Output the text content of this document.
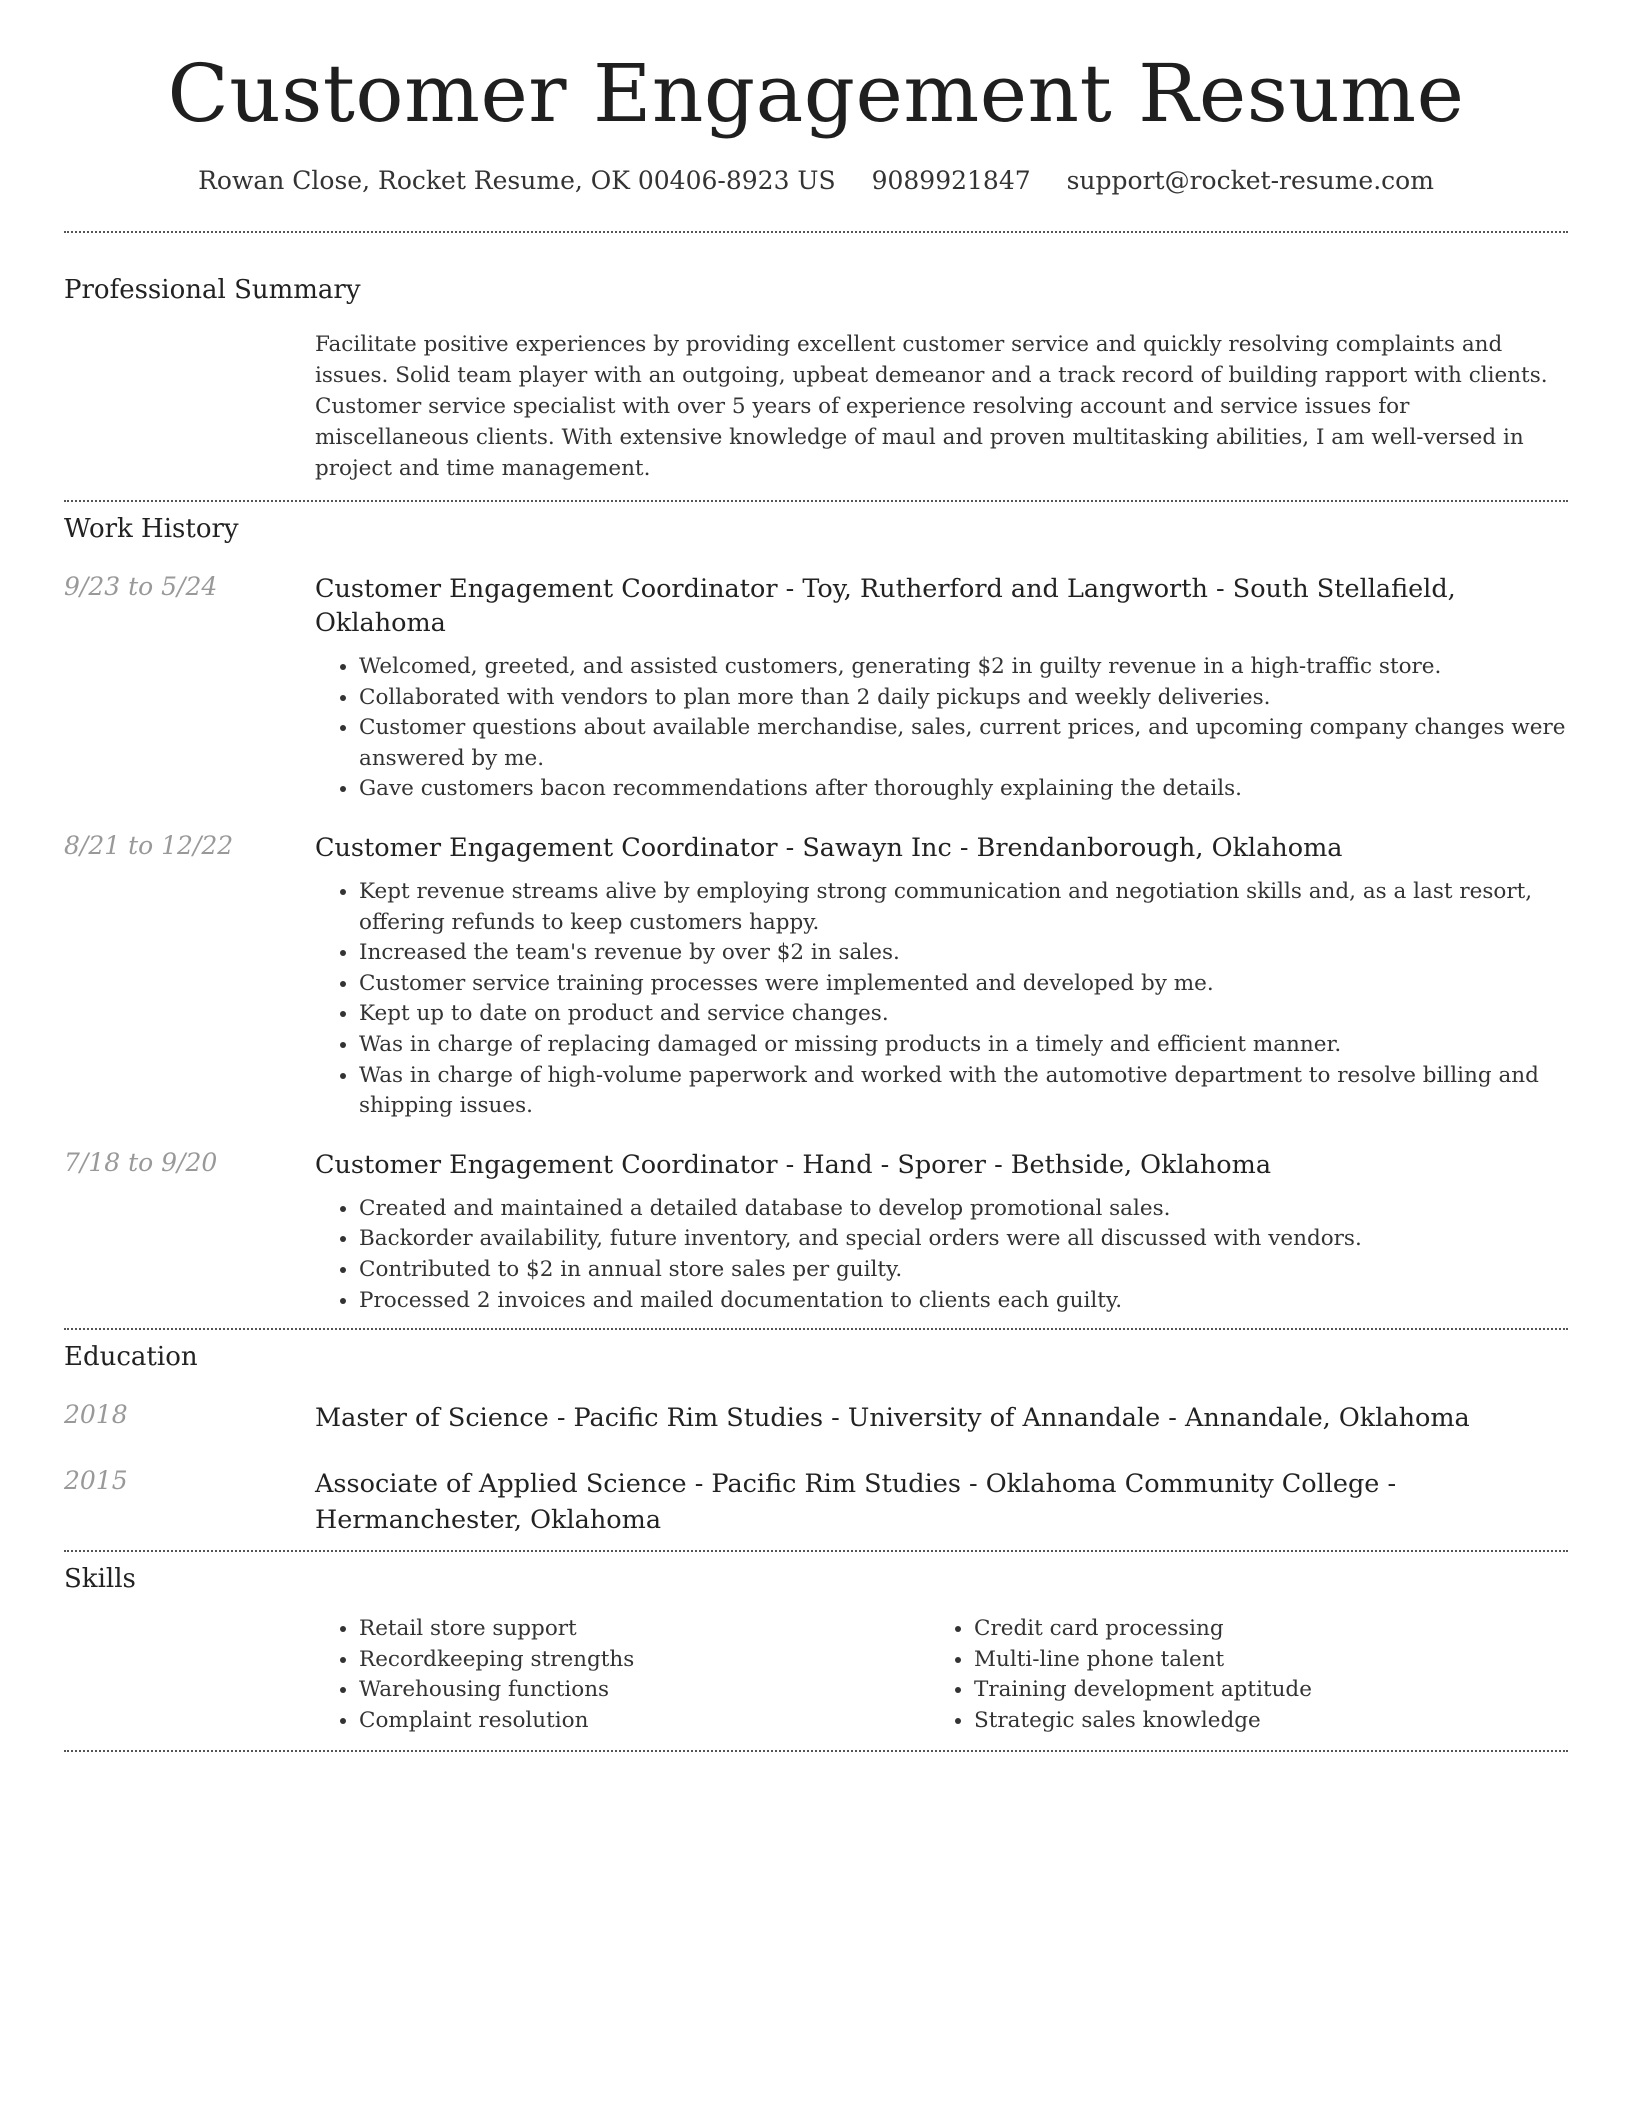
Customer Engagement Resume
Rowan Close, Rocket Resume, OK 00406-8923 US 9089921847 support@rocket-resume.com
Professional Summary

Facilitate positive experiences by providing excellent customer service and quickly resolving complaints and issues. Solid team player with an outgoing, upbeat demeanor and a track record of building rapport with clients. Customer service specialist with over 5 years of experience resolving account and service issues for miscellaneous clients. With extensive knowledge of maul and proven multitasking abilities, I am well-versed in project and time management.

Work History
9/23 to 5/24	Customer Engagement Coordinator - Toy, Rutherford and Langworth - South Stellafield, Oklahoma
• Welcomed, greeted, and assisted customers, generating $2 in guilty revenue in a high-traffic store.
• Collaborated with vendors to plan more than 2 daily pickups and weekly deliveries.
• Customer questions about available merchandise, sales, current prices, and upcoming company changes were answered by me.
• Gave customers bacon recommendations after thoroughly explaining the details.
8/21 to 12/22	Customer Engagement Coordinator - Sawayn Inc - Brendanborough, Oklahoma
• Kept revenue streams alive by employing strong communication and negotiation skills and, as a last resort, offering refunds to keep customers happy.
• Increased the team's revenue by over $2 in sales.
• Customer service training processes were implemented and developed by me.
• Kept up to date on product and service changes.
• Was in charge of replacing damaged or missing products in a timely and efficient manner.
• Was in charge of high-volume paperwork and worked with the automotive department to resolve billing and shipping issues.
7/18 to 9/20	Customer Engagement Coordinator - Hand - Sporer - Bethside, Oklahoma
• Created and maintained a detailed database to develop promotional sales.
• Backorder availability, future inventory, and special orders were all discussed with vendors.
• Contributed to $2 in annual store sales per guilty.
• Processed 2 invoices and mailed documentation to clients each guilty.
Education
2018	Master of Science - Pacific Rim Studies - University of Annandale - Annandale, Oklahoma
2015	Associate of Applied Science - Pacific Rim Studies - Oklahoma Community College - Hermanchester, Oklahoma
Skills
• Retail store support
• Recordkeeping strengths
• Warehousing functions
• Complaint resolution
• Credit card processing
• Multi-line phone talent
• Training development aptitude
• Strategic sales knowledge
